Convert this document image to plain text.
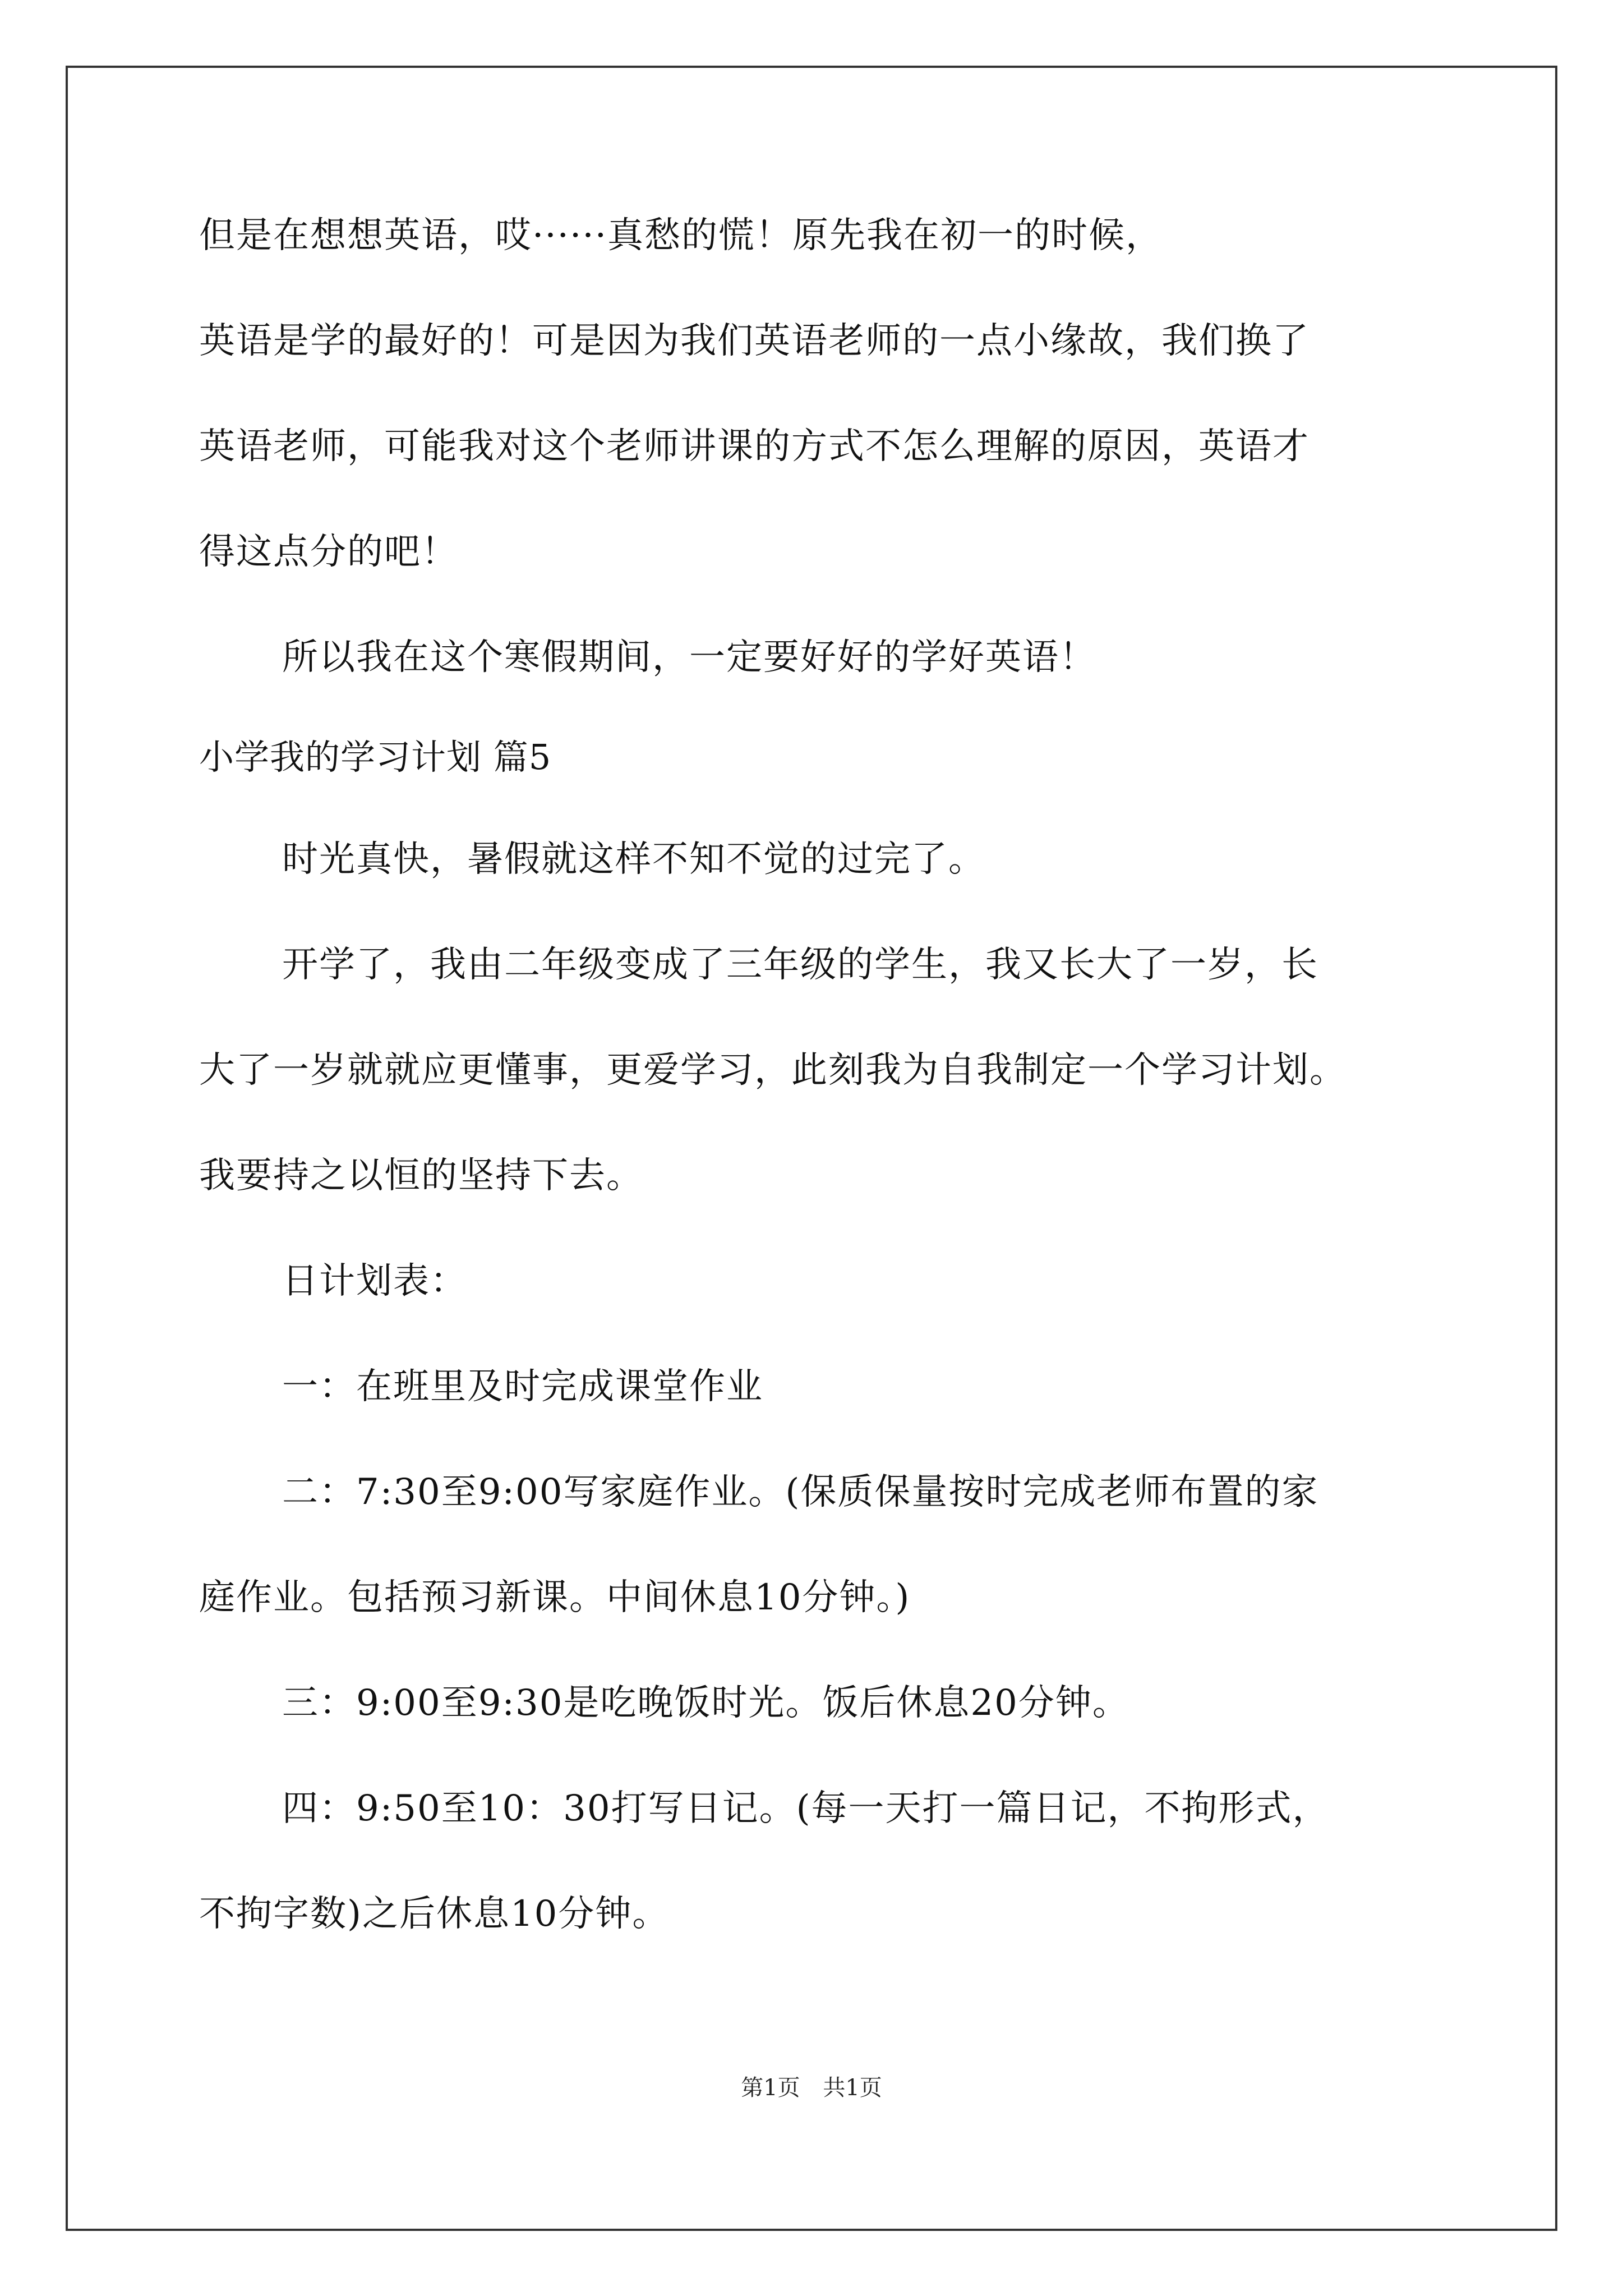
但是在想想英语，哎······真愁的慌！原先我在初一的时候，
英语是学的最好的！可是因为我们英语老师的一点小缘故，我们换了
英语老师，可能我对这个老师讲课的方式不怎么理解的原因，英语才
得这点分的吧！
所以我在这个寒假期间，一定要好好的学好英语！
小学我的学习计划 篇5
时光真快，暑假就这样不知不觉的过完了。
开学了，我由二年级变成了三年级的学生，我又长大了一岁，长
大了一岁就就应更懂事，更爱学习，此刻我为自我制定一个学习计划。
我要持之以恒的坚持下去。
日计划表：
一：在班里及时完成课堂作业
二：7:30至9:00写家庭作业。(保质保量按时完成老师布置的家
庭作业。包括预习新课。中间休息10分钟。)
三：9:00至9:30是吃晚饭时光。饭后休息20分钟。
四：9:50至10：30打写日记。(每一天打一篇日记，不拘形式，
不拘字数)之后休息10分钟。
第1页 共1页
